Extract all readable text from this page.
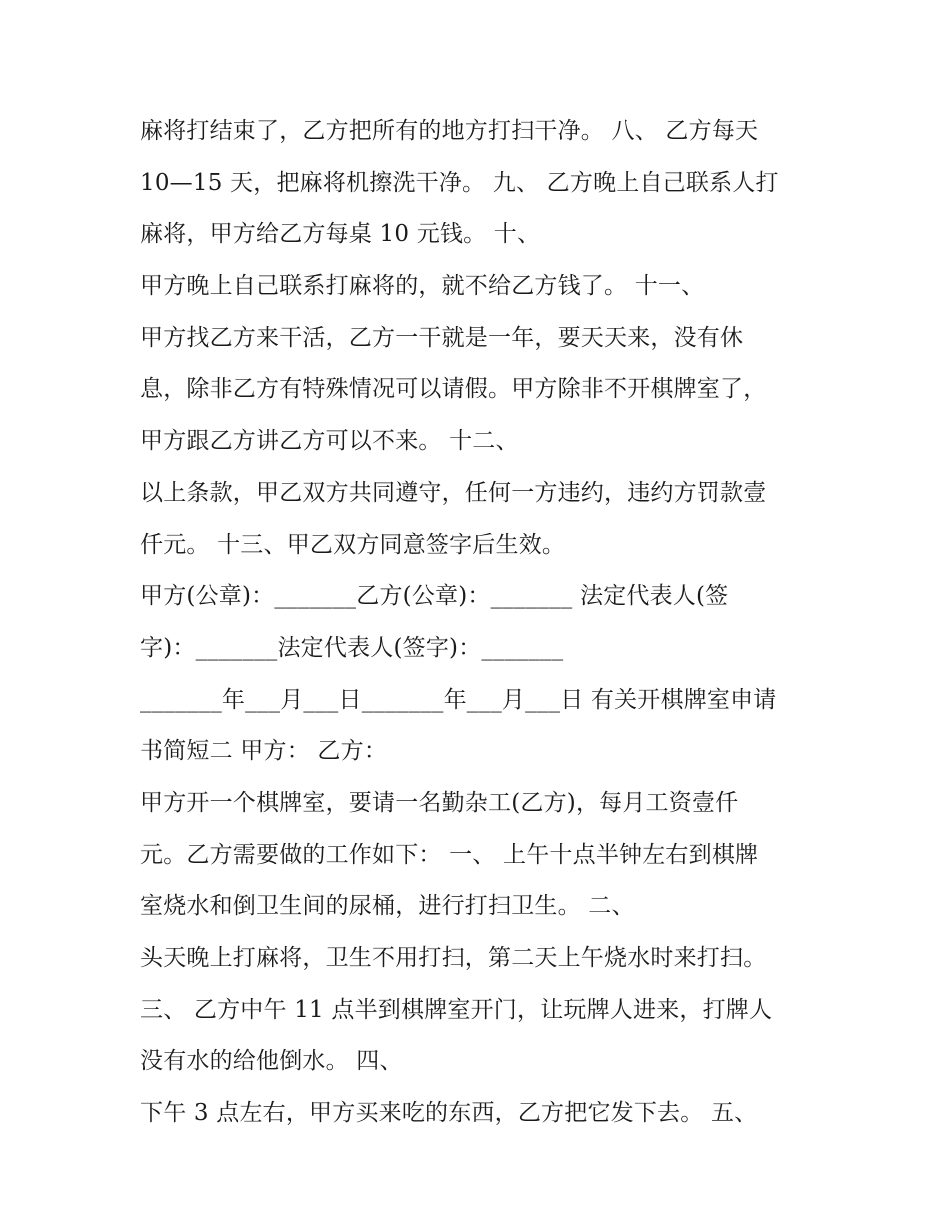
麻将打结束了，乙方把所有的地方打扫干净。 八、 乙方每天
10—15 天，把麻将机擦洗干净。 九、 乙方晚上自己联系人打
麻将，甲方给乙方每桌 10 元钱。 十、
甲方晚上自己联系打麻将的，就不给乙方钱了。 十一、
甲方找乙方来干活，乙方一干就是一年，要天天来，没有休
息，除非乙方有特殊情况可以请假。甲方除非不开棋牌室了，
甲方跟乙方讲乙方可以不来。 十二、
以上条款，甲乙双方共同遵守，任何一方违约，违约方罚款壹
仟元。 十三、甲乙双方同意签字后生效。
甲方(公章)：_______乙方(公章)：_______ 法定代表人(签
字)：_______法定代表人(签字)：_______
_______年___月___日_______年___月___日 有关开棋牌室申请
书简短二 甲方： 乙方：
甲方开一个棋牌室，要请一名勤杂工(乙方)，每月工资壹仟
元。乙方需要做的工作如下： 一、 上午十点半钟左右到棋牌
室烧水和倒卫生间的尿桶，进行打扫卫生。 二、
头天晚上打麻将，卫生不用打扫，第二天上午烧水时来打扫。
三、 乙方中午 11 点半到棋牌室开门，让玩牌人进来，打牌人
没有水的给他倒水。 四、
下午 3 点左右，甲方买来吃的东西，乙方把它发下去。 五、
